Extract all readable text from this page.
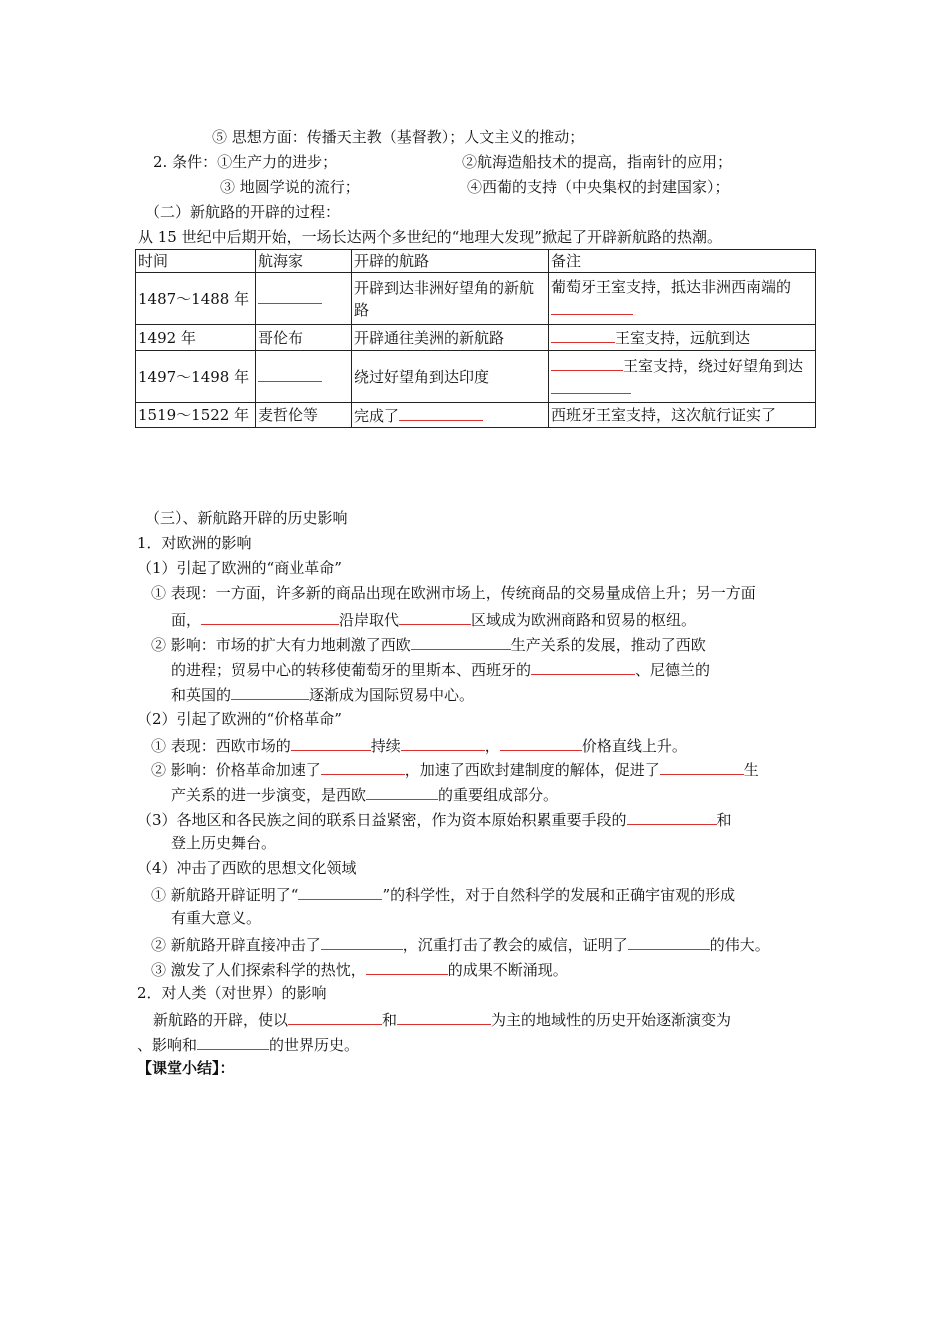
⑤ 思想方面：传播天主教（基督教）；人文主义的推动；
2. 条件：①生产力的进步；	②航海造船技术的提高，指南针的应用；
③ 地圆学说的流行；	④西葡的支持（中央集权的封建国家）；
（二）新航路的开辟的过程：
从 15 世纪中后期开始，一场长达两个多世纪的“地理大发现”掀起了开辟新航路的热潮。
时间	航海家	开辟的航路	备注
1487～1488 年		开辟到达非洲好望角的新航路	葡萄牙王室支持，抵达非洲西南端的
1492 年	哥伦布	开辟通往美洲的新航路	王室支持，远航到达
1497～1498 年		绕过好望角到达印度	王室支持，绕过好望角到达
1519～1522 年	麦哲伦等	完成了	西班牙王室支持，这次航行证实了
（三）、新航路开辟的历史影响
1．对欧洲的影响
（1）引起了欧洲的“商业革命”
① 表现：一方面，许多新的商品出现在欧洲市场上，传统商品的交易量成倍上升；另一方面
面，	沿岸取代	区域成为欧洲商路和贸易的枢纽。
② 影响：市场的扩大有力地刺激了西欧	生产关系的发展，推动了西欧
的进程；贸易中心的转移使葡萄牙的里斯本、西班牙的	、尼德兰的
和英国的	逐渐成为国际贸易中心。
（2）引起了欧洲的“价格革命”
① 表现：西欧市场的	持续	，	价格直线上升。
② 影响：价格革命加速了	，加速了西欧封建制度的解体，促进了	生
产关系的进一步演变，是西欧	的重要组成部分。
（3）各地区和各民族之间的联系日益紧密，作为资本原始积累重要手段的	和
登上历史舞台。
（4）冲击了西欧的思想文化领域
① 新航路开辟证明了“	”的科学性，对于自然科学的发展和正确宇宙观的形成
有重大意义。
② 新航路开辟直接冲击了	，沉重打击了教会的威信，证明了	的伟大。
③ 激发了人们探索科学的热忱，	的成果不断涌现。
2．对人类（对世界）的影响
新航路的开辟，使以	和	为主的地域性的历史开始逐渐演变为
、影响和	的世界历史。
【课堂小结】：
